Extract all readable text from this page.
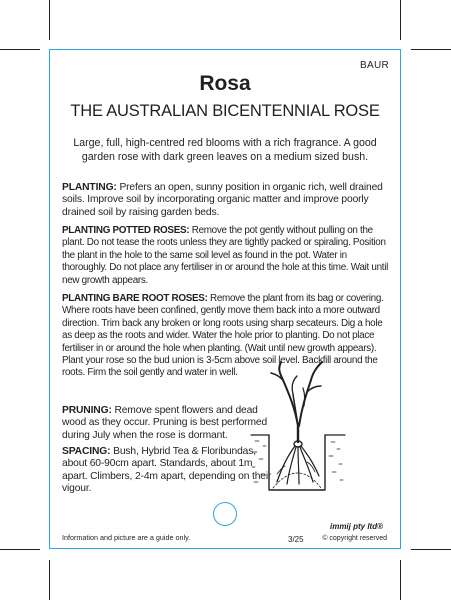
BAUR
Rosa
THE AUSTRALIAN BICENTENNIAL ROSE
Large, full, high-centred red blooms with a rich fragrance. A good garden rose with dark green leaves on a medium sized bush.
PLANTING: Prefers an open, sunny position in organic rich, well drained soils. Improve soil by incorporating organic matter and improve poorly drained soil by raising garden beds.
PLANTING POTTED ROSES: Remove the pot gently without pulling on the plant. Do not tease the roots unless they are tightly packed or spiraling. Position the plant in the hole to the same soil level as found in the pot. Water in thoroughly. Do not place any fertiliser in or around the hole at this time. Wait until new growth appears.
PLANTING BARE ROOT ROSES: Remove the plant from its bag or covering. Where roots have been confined, gently move them back into a more outward direction. Trim back any broken or long roots using sharp secateurs. Dig a hole as deep as the roots and wider. Water the hole prior to planting. Do not place fertiliser in or around the hole when planting. (Wait until new growth appears). Plant your rose so the bud union is 3-5cm above soil level. Backfill around the roots. Firm the soil gently and water in well.
PRUNING: Remove spent flowers and dead wood as they occur. Pruning is best performed during July when the rose is dormant.
SPACING: Bush, Hybrid Tea & Floribundas, about 60-90cm apart. Standards, about 1m apart. Climbers, 2-4m apart, depending on their vigour.
Information and picture are a guide only.
immij pty ltd®
3/25	© copyright reserved
